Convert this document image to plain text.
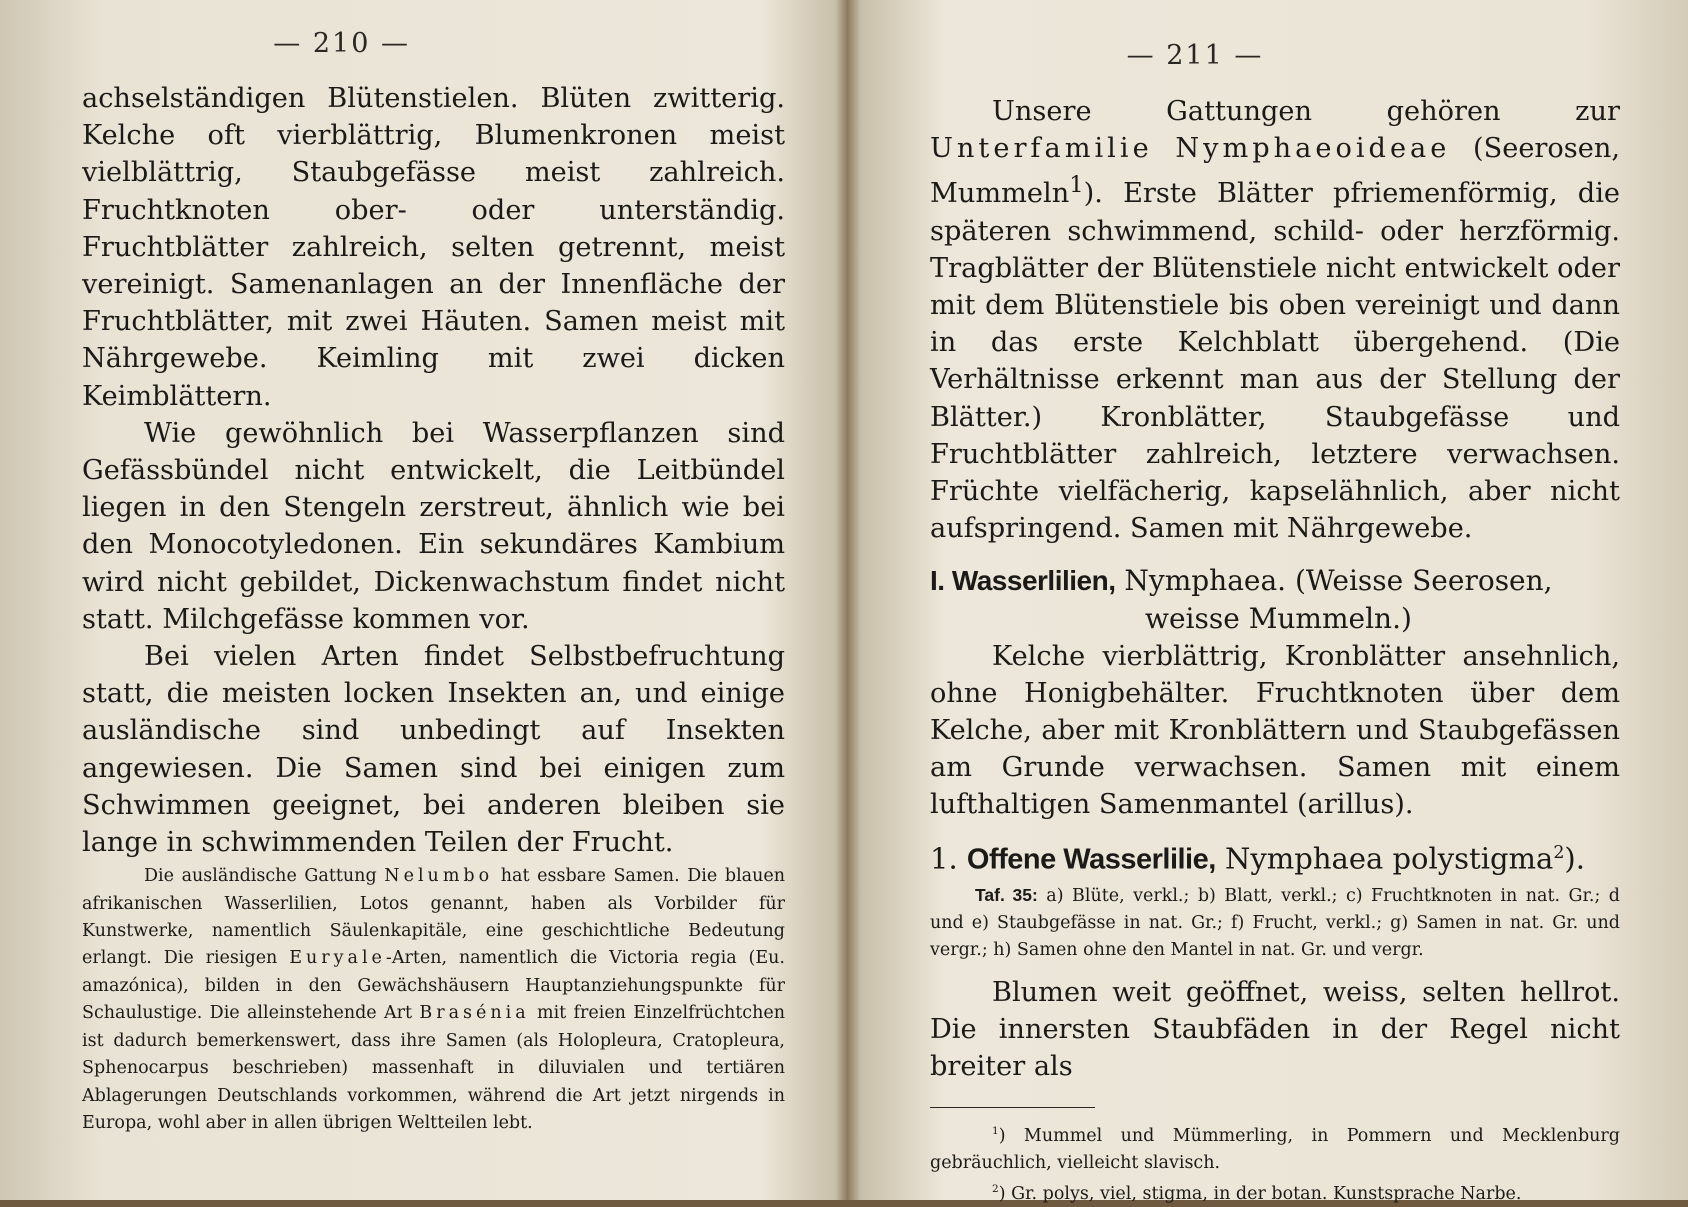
— 210 —

achselständigen Blütenstielen. Blüten zwitterig. Kelche oft vierblättrig, Blumenkronen meist vielblättrig, Staubgefässe meist zahlreich. Fruchtknoten ober- oder unterständig. Fruchtblätter zahlreich, selten getrennt, meist vereinigt. Samenanlagen an der Innenfläche der Fruchtblätter, mit zwei Häuten. Samen meist mit Nährgewebe. Keimling mit zwei dicken Keimblättern.

Wie gewöhnlich bei Wasserpflanzen sind Gefässbündel nicht entwickelt, die Leitbündel liegen in den Stengeln zerstreut, ähnlich wie bei den Monocotyledonen. Ein sekundäres Kambium wird nicht gebildet, Dickenwachstum findet nicht statt. Milchgefässe kommen vor.

Bei vielen Arten findet Selbstbefruchtung statt, die meisten locken Insekten an, und einige ausländische sind unbedingt auf Insekten angewiesen. Die Samen sind bei einigen zum Schwimmen geeignet, bei anderen bleiben sie lange in schwimmenden Teilen der Frucht.

Die ausländische Gattung Nelumbo hat essbare Samen. Die blauen afrikanischen Wasserlilien, Lotos genannt, haben als Vorbilder für Kunstwerke, namentlich Säulenkapitäle, eine geschichtliche Bedeutung erlangt. Die riesigen Euryale-Arten, namentlich die Victoria regia (Eu. amazónica), bilden in den Gewächshäusern Hauptanziehungspunkte für Schaulustige. Die alleinstehende Art Brasénia mit freien Einzelfrüchtchen ist dadurch bemerkenswert, dass ihre Samen (als Holopleura, Cratopleura, Sphenocarpus beschrieben) massenhaft in diluvialen und tertiären Ablagerungen Deutschlands vorkommen, während die Art jetzt nirgends in Europa, wohl aber in allen übrigen Weltteilen lebt.

— 211 —

Unsere Gattungen gehören zur Unterfamilie Nymphaeoideae (Seerosen, Mummeln$^1$). Erste Blätter pfriemenförmig, die späteren schwimmend, schild- oder herzförmig. Tragblätter der Blütenstiele nicht entwickelt oder mit dem Blütenstiele bis oben vereinigt und dann in das erste Kelchblatt übergehend. (Die Verhältnisse erkennt man aus der Stellung der Blätter.) Kronblätter, Staubgefässe und Fruchtblätter zahlreich, letztere verwachsen. Früchte vielfächerig, kapselähnlich, aber nicht aufspringend. Samen mit Nährgewebe.

I. Wasserlilien, Nymphaea. (Weisse Seerosen,
weisse Mummeln.)

Kelche vierblättrig, Kronblätter ansehnlich, ohne Honigbehälter. Fruchtknoten über dem Kelche, aber mit Kronblättern und Staubgefässen am Grunde verwachsen. Samen mit einem lufthaltigen Samenmantel (arillus).

1. Offene Wasserlilie, Nymphaea polystigma$^2$).

Taf. 35: a) Blüte, verkl.; b) Blatt, verkl.; c) Fruchtknoten in nat. Gr.; d und e) Staubgefässe in nat. Gr.; f) Frucht, verkl.; g) Samen in nat. Gr. und vergr.; h) Samen ohne den Mantel in nat. Gr. und vergr.

Blumen weit geöffnet, weiss, selten hellrot. Die innersten Staubfäden in der Regel nicht breiter als

$^1$) Mummel und Mümmerling, in Pommern und Mecklenburg gebräuchlich, vielleicht slavisch.

$^2$) Gr. polys, viel, stigma, in der botan. Kunstsprache Narbe.
